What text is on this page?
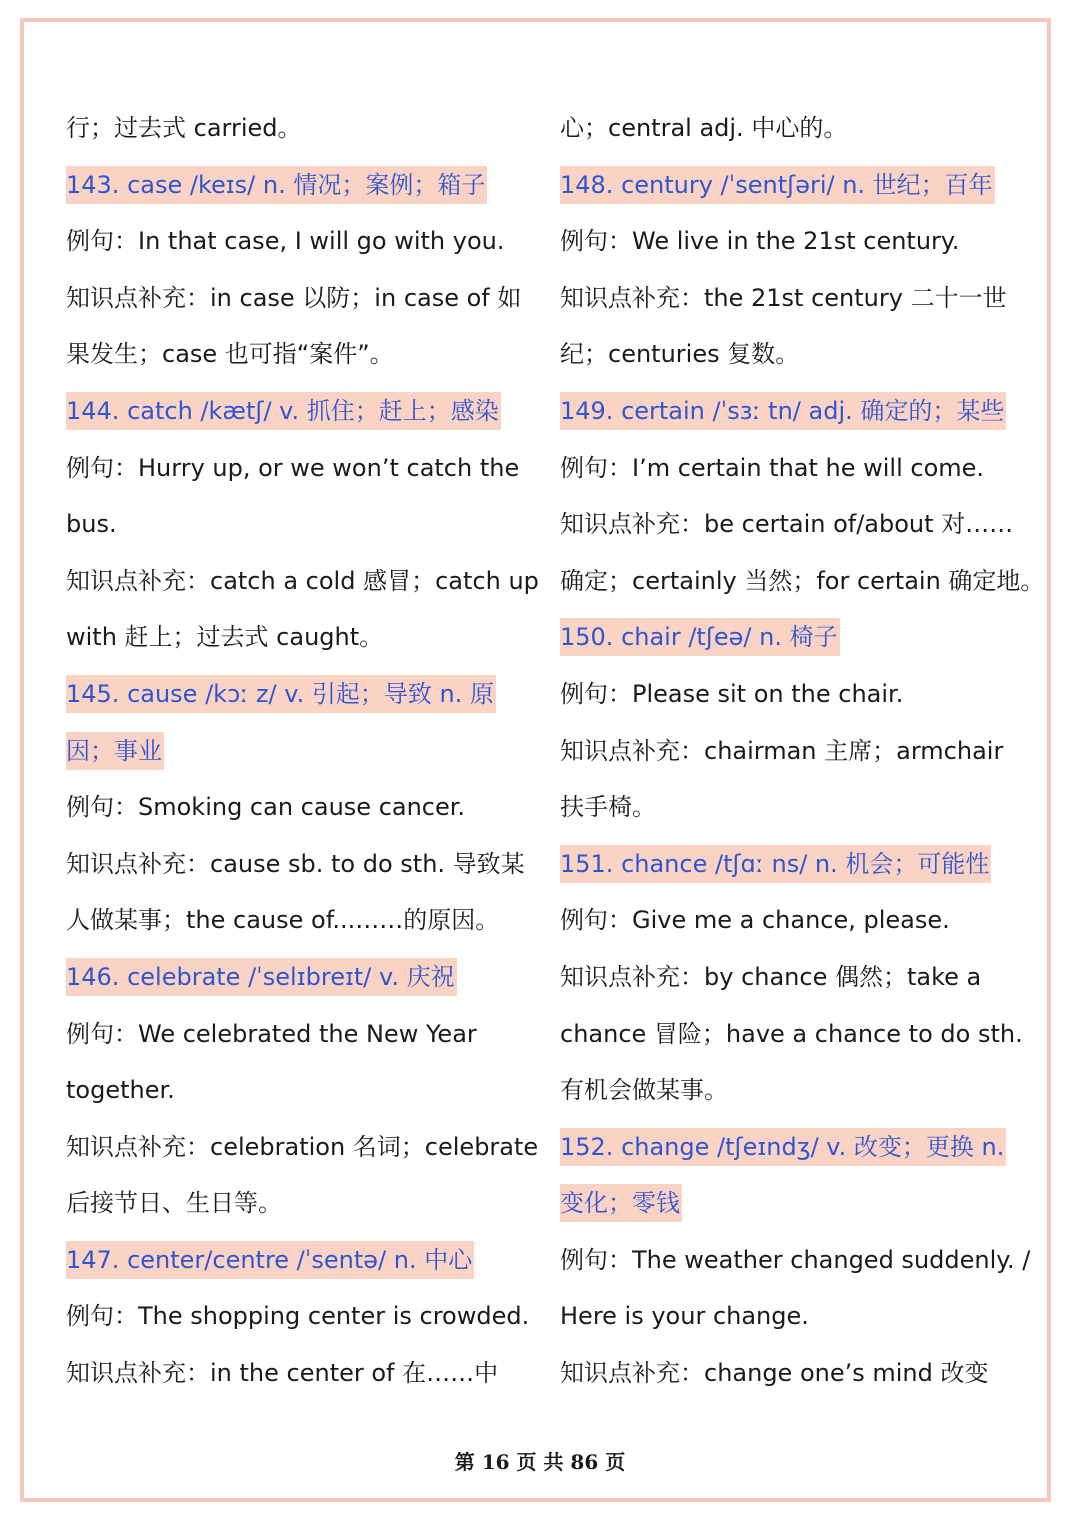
行；过去式 carried。
143. case /keɪs/ n. 情况；案例；箱子
例句：In that case, I will go with you.
知识点补充：in case 以防；in case of 如
果发生；case 也可指“案件”。
144. catch /kætʃ/ v. 抓住；赶上；感染
例句：Hurry up, or we won’t catch the
bus.
知识点补充：catch a cold 感冒；catch up
with 赶上；过去式 caught。
145. cause /kɔː z/ v. 引起；导致 n. 原
因；事业
例句：Smoking can cause cancer.
知识点补充：cause sb. to do sth. 导致某
人做某事；the cause of...……的原因。
146. celebrate /ˈselɪbreɪt/ v. 庆祝
例句：We celebrated the New Year
together.
知识点补充：celebration 名词；celebrate
后接节日、生日等。
147. center/centre /ˈsentə/ n. 中心
例句：The shopping center is crowded.
知识点补充：in the center of 在……中
心；central adj. 中心的。
148. century /ˈsentʃəri/ n. 世纪；百年
例句：We live in the 21st century.
知识点补充：the 21st century 二十一世
纪；centuries 复数。
149. certain /ˈsɜː tn/ adj. 确定的；某些
例句：I’m certain that he will come.
知识点补充：be certain of/about 对……
确定；certainly 当然；for certain 确定地。
150. chair /tʃeə/ n. 椅子
例句：Please sit on the chair.
知识点补充：chairman 主席；armchair
扶手椅。
151. chance /tʃɑː ns/ n. 机会；可能性
例句：Give me a chance, please.
知识点补充：by chance 偶然；take a
chance 冒险；have a chance to do sth.
有机会做某事。
152. change /tʃeɪndʒ/ v. 改变；更换 n.
变化；零钱
例句：The weather changed suddenly. /
Here is your change.
知识点补充：change one’s mind 改变
第 16 页 共 86 页
